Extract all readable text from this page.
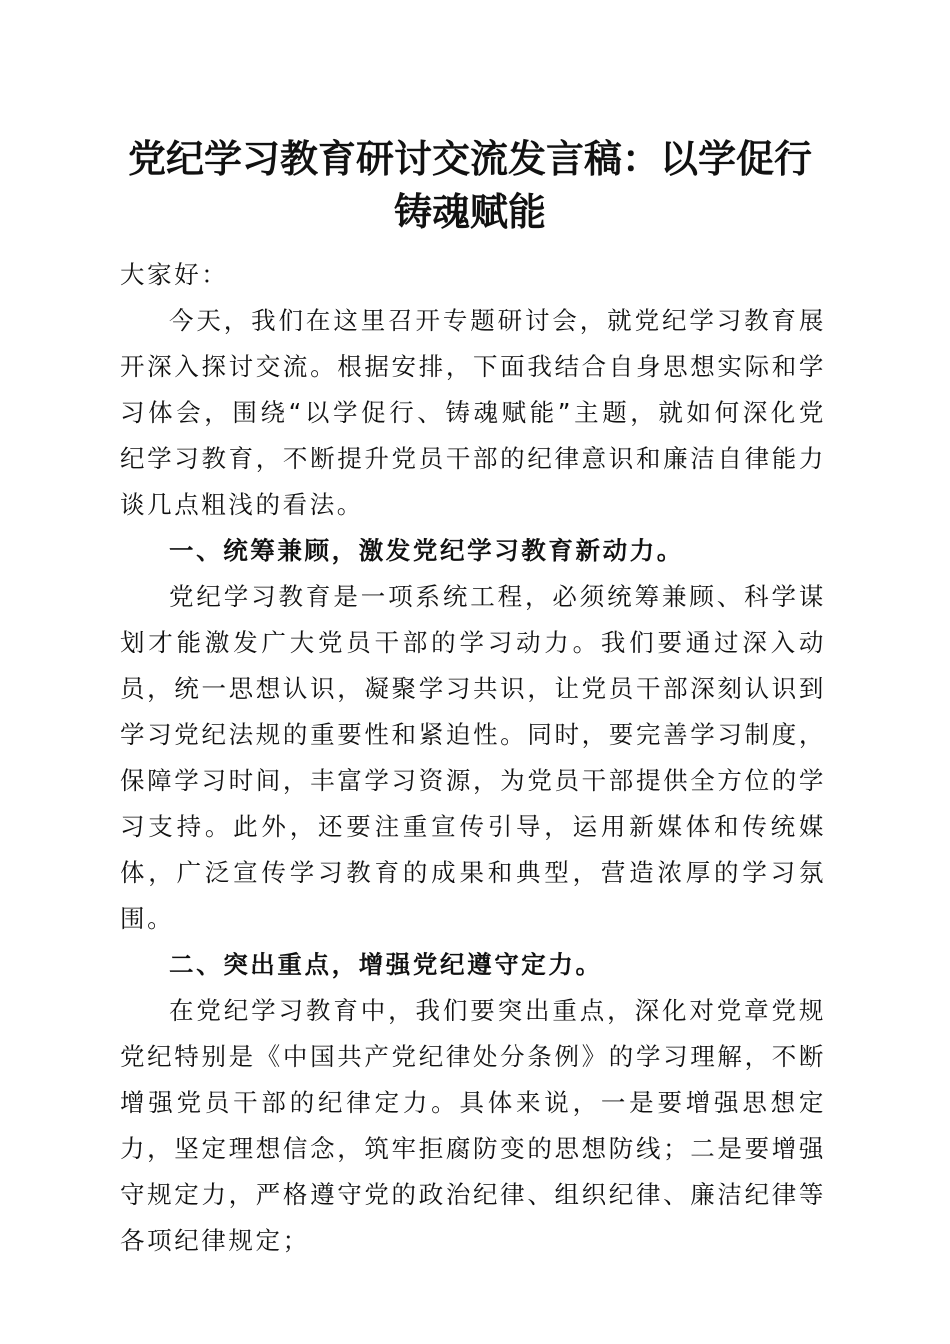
党纪学习教育研讨交流发言稿：以学促行铸魂赋能

大家好：

今天，我们在这里召开专题研讨会，就党纪学习教育展开深入探讨交流。根据安排，下面我结合自身思想实际和学习体会，围绕“以学促行、铸魂赋能”主题，就如何深化党纪学习教育，不断提升党员干部的纪律意识和廉洁自律能力谈几点粗浅的看法。

一、统筹兼顾，激发党纪学习教育新动力。

党纪学习教育是一项系统工程，必须统筹兼顾、科学谋划才能激发广大党员干部的学习动力。我们要通过深入动员，统一思想认识，凝聚学习共识，让党员干部深刻认识到学习党纪法规的重要性和紧迫性。同时，要完善学习制度，保障学习时间，丰富学习资源，为党员干部提供全方位的学习支持。此外，还要注重宣传引导，运用新媒体和传统媒体，广泛宣传学习教育的成果和典型，营造浓厚的学习氛围。

二、突出重点，增强党纪遵守定力。

在党纪学习教育中，我们要突出重点，深化对党章党规党纪特别是《中国共产党纪律处分条例》的学习理解，不断增强党员干部的纪律定力。具体来说，一是要增强思想定力，坚定理想信念，筑牢拒腐防变的思想防线；二是要增强守规定力，严格遵守党的政治纪律、组织纪律、廉洁纪律等各项纪律规定；
